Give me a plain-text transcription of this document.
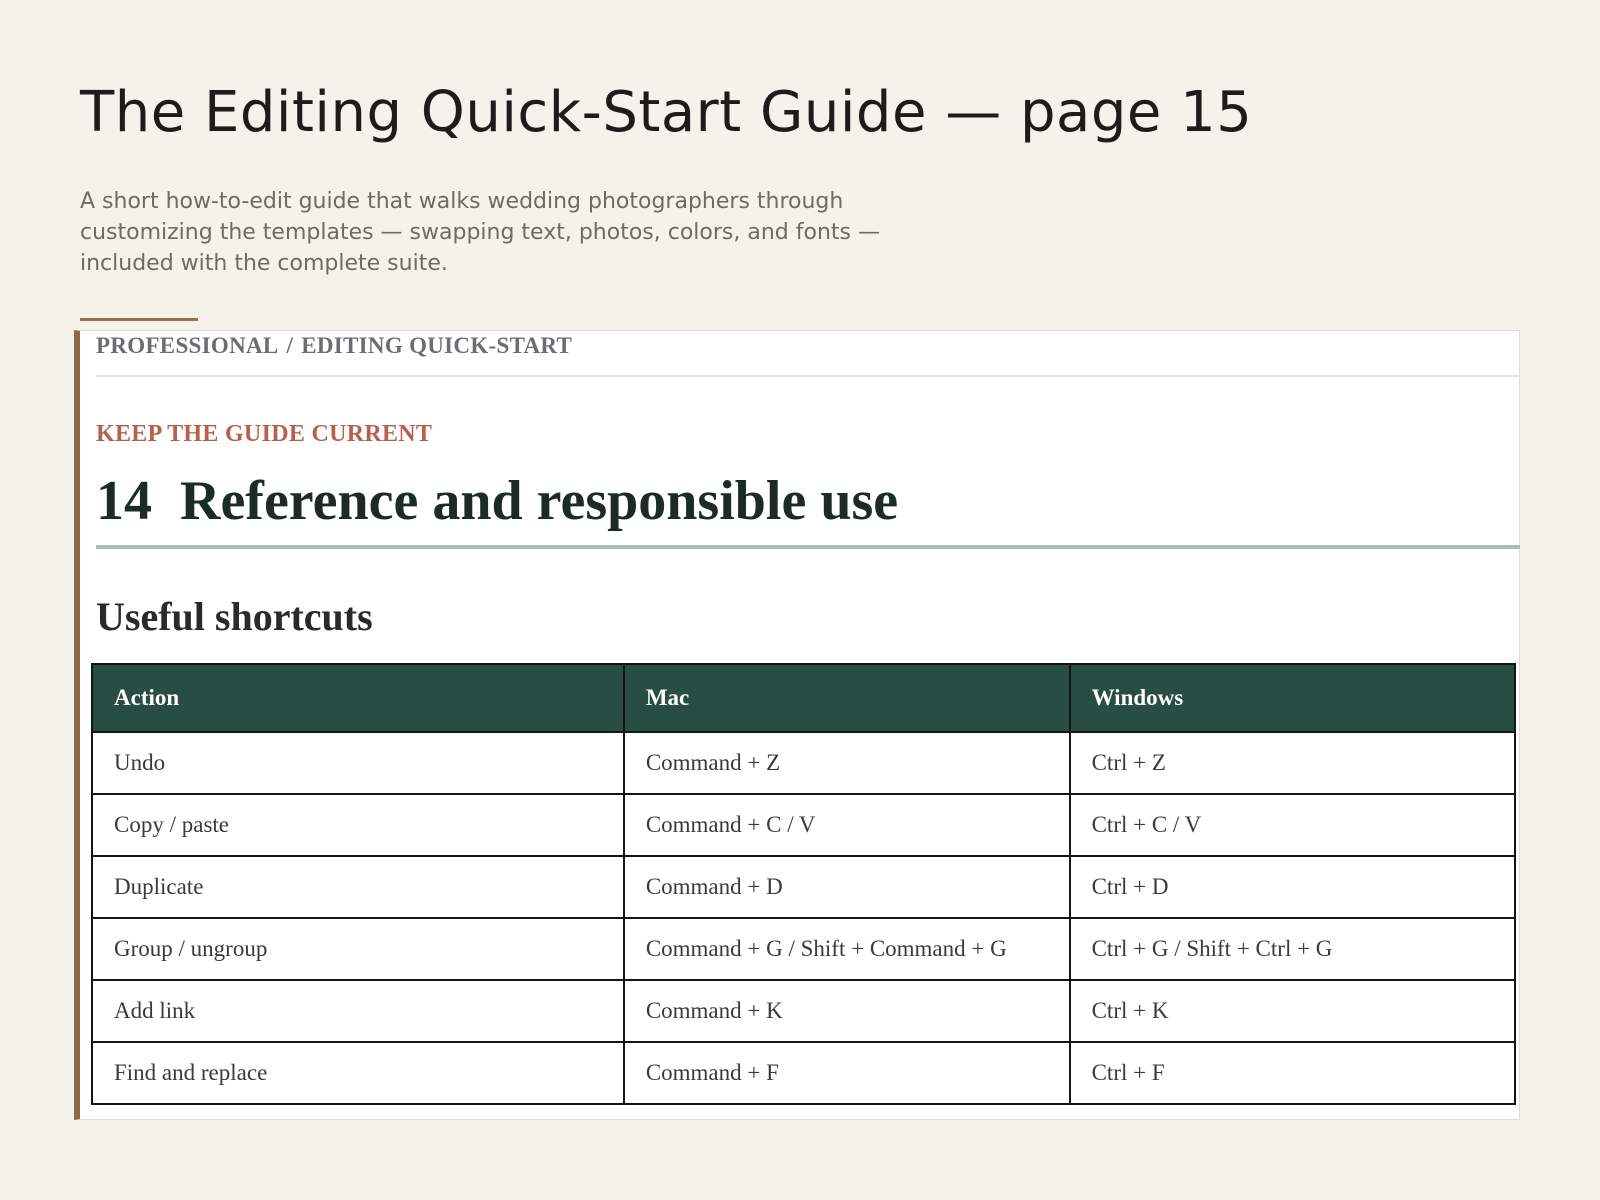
The Editing Quick-Start Guide — page 15

A short how-to-edit guide that walks wedding photographers through customizing the templates — swapping text, photos, colors, and fonts — included with the complete suite.

PROFESSIONAL / EDITING QUICK-START
KEEP THE GUIDE CURRENT
14 Reference and responsible use
Useful shortcuts
Action	Mac	Windows
Undo	Command + Z	Ctrl + Z
Copy / paste	Command + C / V	Ctrl + C / V
Duplicate	Command + D	Ctrl + D
Group / ungroup	Command + G / Shift + Command + G	Ctrl + G / Shift + Ctrl + G
Add link	Command + K	Ctrl + K
Find and replace	Command + F	Ctrl + F
